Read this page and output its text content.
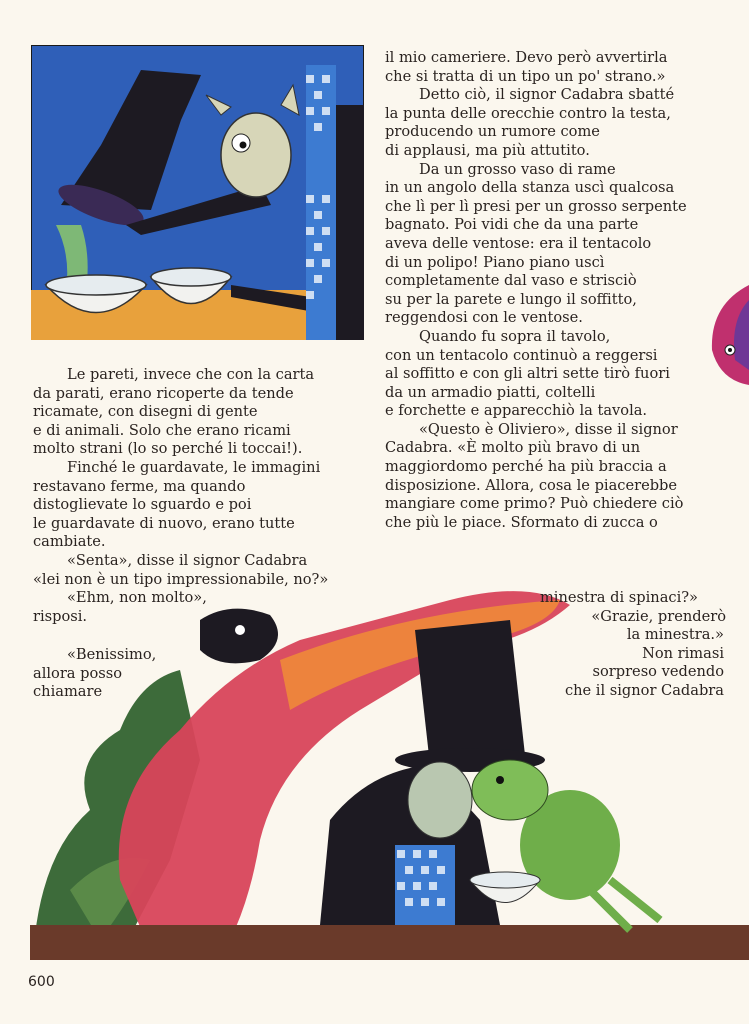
Le pareti, invece che con la carta
da parati, erano ricoperte da tende
ricamate, con disegni di gente
e di animali. Solo che erano ricami
molto strani (lo so perché li toccai!).
Finché le guardavate, le immagini
restavano ferme, ma quando
distoglievate lo sguardo e poi
le guardavate di nuovo, erano tutte
cambiate.
«Senta», disse il signor Cadabra
«lei non è un tipo impressionabile, no?»
«Ehm, non molto»,
risposi.

«Benissimo,
allora posso
chiamare

il mio cameriere. Devo però avvertirla
che si tratta di un tipo un po' strano.»
Detto ciò, il signor Cadabra sbatté
la punta delle orecchie contro la testa,
producendo un rumore come
di applausi, ma più attutito.
Da un grosso vaso di rame
in un angolo della stanza uscì qualcosa
che lì per lì presi per un grosso serpente
bagnato. Poi vidi che da una parte
aveva delle ventose: era il tentacolo
di un polipo! Piano piano uscì
completamente dal vaso e strisciò
su per la parete e lungo il soffitto,
reggendosi con le ventose.
Quando fu sopra il tavolo,
con un tentacolo continuò a reggersi
al soffitto e con gli altri sette tirò fuori
da un armadio piatti, coltelli
e forchette e apparecchiò la tavola.
«Questo è Oliviero», disse il signor
Cadabra. «È molto più bravo di un
maggiordomo perché ha più braccia a
disposizione. Allora, cosa le piacerebbe
mangiare come primo? Può chiedere ciò
che più le piace. Sformato di zucca o

minestra di spinaci?»
«Grazie, prenderò
la minestra.»
Non rimasi
sorpreso vedendo
che il signor Cadabra

600
